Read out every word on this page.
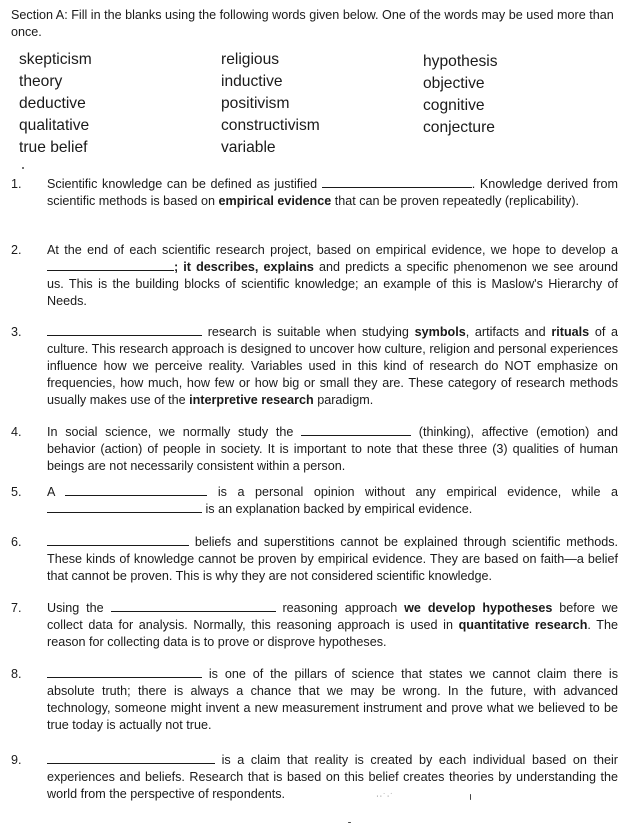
Section A: Fill in the blanks using the following words given below. One of the words may be used more than once.
skepticism
theory
deductive
qualitative
true belief
religious
inductive
positivism
constructivism
variable
hypothesis
objective
cognitive
conjecture
1. Scientific knowledge can be defined as justified	. Knowledge derived from scientific methods is based on empirical evidence that can be proven repeatedly (replicability).
2. At the end of each scientific research project, based on empirical evidence, we hope to develop a ; it describes, explains and predicts a specific phenomenon we see around us. This is the building blocks of scientific knowledge; an example of this is Maslow's Hierarchy of Needs.
3.	research is suitable when studying symbols, artifacts and rituals of a culture. This research approach is designed to uncover how culture, religion and personal experiences influence how we perceive reality. Variables used in this kind of research do NOT emphasize on frequencies, how much, how few or how big or small they are. These category of research methods usually makes use of the interpretive research paradigm.
4. In social science, we normally study the	(thinking), affective (emotion) and behavior (action) of people in society. It is important to note that these three (3) qualities of human beings are not necessarily consistent within a person.
5. A	is a personal opinion without any empirical evidence, while a  is an explanation backed by empirical evidence.
6.	beliefs and superstitions cannot be explained through scientific methods. These kinds of knowledge cannot be proven by empirical evidence. They are based on faith—a belief that cannot be proven. This is why they are not considered scientific knowledge.
7. Using the	reasoning approach we develop hypotheses before we collect data for analysis. Normally, this reasoning approach is used in quantitative research. The reason for collecting data is to prove or disprove hypotheses.
8.	is one of the pillars of science that states we cannot claim there is absolute truth; there is always a chance that we may be wrong. In the future, with advanced technology, someone might invent a new measurement instrument and prove what we believed to be true today is actually not true.
9.	is a claim that reality is created by each individual based on their experiences and beliefs. Research that is based on this belief creates theories by understanding the world from the perspective of respondents.	⋅⋅˙⋅˙
